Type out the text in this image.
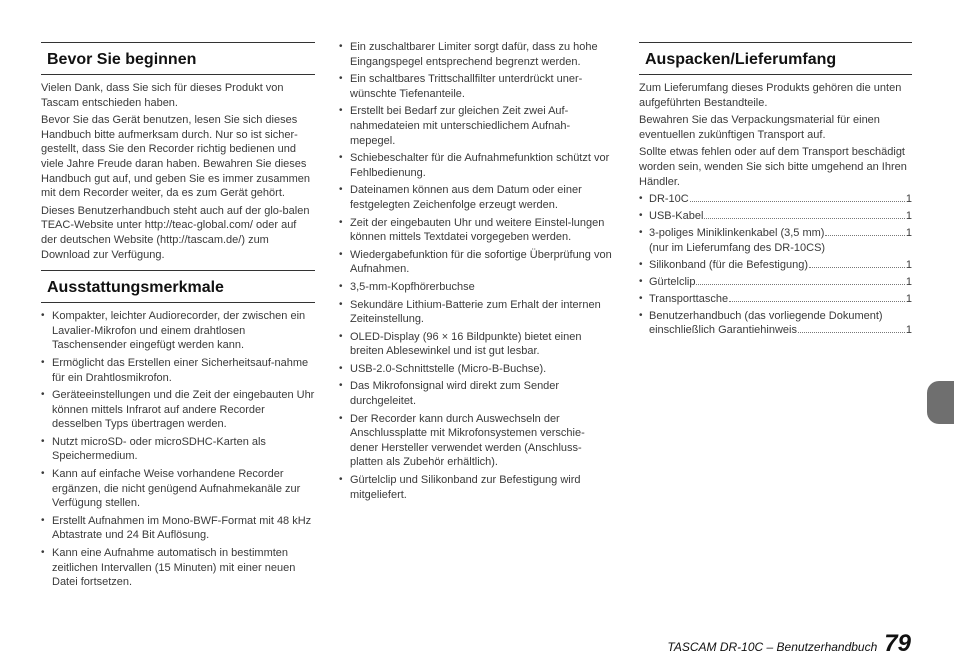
Bevor Sie beginnen

Vielen Dank, dass Sie sich für dieses Produkt von Tascam entschieden haben.

Bevor Sie das Gerät benutzen, lesen Sie sich dieses Handbuch bitte aufmerksam durch. Nur so ist sicher-gestellt, dass Sie den Recorder richtig bedienen und viele Jahre Freude daran haben. Bewahren Sie dieses Handbuch gut auf, und geben Sie es immer zusammen mit dem Recorder weiter, da es zum Gerät gehört.

Dieses Benutzerhandbuch steht auch auf der glo-balen TEAC-Website unter http://teac-global.com/ oder auf der deutschen Website (http://tascam.de/) zum Download zur Verfügung.

Ausstattungsmerkmale
• Kompakter, leichter Audiorecorder, der zwischen ein Lavalier-Mikrofon und einem drahtlosen Taschensender eingefügt werden kann.
• Ermöglicht das Erstellen einer Sicherheitsauf-nahme für ein Drahtlosmikrofon.
• Geräteeinstellungen und die Zeit der eingebauten Uhr können mittels Infrarot auf andere Recorder desselben Typs übertragen werden.
• Nutzt microSD- oder microSDHC-Karten als Speichermedium.
• Kann auf einfache Weise vorhandene Recorder ergänzen, die nicht genügend Aufnahmekanäle zur Verfügung stellen.
• Erstellt Aufnahmen im Mono-BWF-Format mit 48 kHz Abtastrate und 24 Bit Auflösung.
• Kann eine Aufnahme automatisch in bestimmten zeitlichen Intervallen (15 Minuten) mit einer neuen Datei fortsetzen.
• Ein zuschaltbarer Limiter sorgt dafür, dass zu hohe Eingangspegel entsprechend begrenzt werden.
• Ein schaltbares Trittschallfilter unterdrückt uner-wünschte Tiefenanteile.
• Erstellt bei Bedarf zur gleichen Zeit zwei Auf-nahmedateien mit unterschiedlichem Aufnah-mepegel.
• Schiebeschalter für die Aufnahmefunktion schützt vor Fehlbedienung.
• Dateinamen können aus dem Datum oder einer festgelegten Zeichenfolge erzeugt werden.
• Zeit der eingebauten Uhr und weitere Einstel-lungen können mittels Textdatei vorgegeben werden.
• Wiedergabefunktion für die sofortige Überprüfung von Aufnahmen.
• 3,5-mm-Kopfhörerbuchse
• Sekundäre Lithium-Batterie zum Erhalt der internen Zeiteinstellung.
• OLED-Display (96 × 16 Bildpunkte) bietet einen breiten Ablesewinkel und ist gut lesbar.
• USB-2.0-Schnittstelle (Micro-B-Buchse).
• Das Mikrofonsignal wird direkt zum Sender durchgeleitet.
• Der Recorder kann durch Auswechseln der Anschlussplatte mit Mikrofonsystemen verschie-dener Hersteller verwendet werden (Anschluss-platten als Zubehör erhältlich).
• Gürtelclip und Silikonband zur Befestigung wird mitgeliefert.
Auspacken/Lieferumfang

Zum Lieferumfang dieses Produkts gehören die unten aufgeführten Bestandteile.

Bewahren Sie das Verpackungsmaterial für einen eventuellen zukünftigen Transport auf.

Sollte etwas fehlen oder auf dem Transport beschädigt worden sein, wenden Sie sich bitte umgehend an Ihren Händler.

• DR-10C	1
• USB-Kabel	1
• 3-poliges Miniklinkenkabel (3,5 mm)	1
(nur im Lieferumfang des DR-10CS)
• Silikonband (für die Befestigung)	1
• Gürtelclip	1
• Transporttasche	1
• Benutzerhandbuch (das vorliegende Dokument)
einschließlich Garantiehinweis	1
TASCAM DR-10C – Benutzerhandbuch 79
